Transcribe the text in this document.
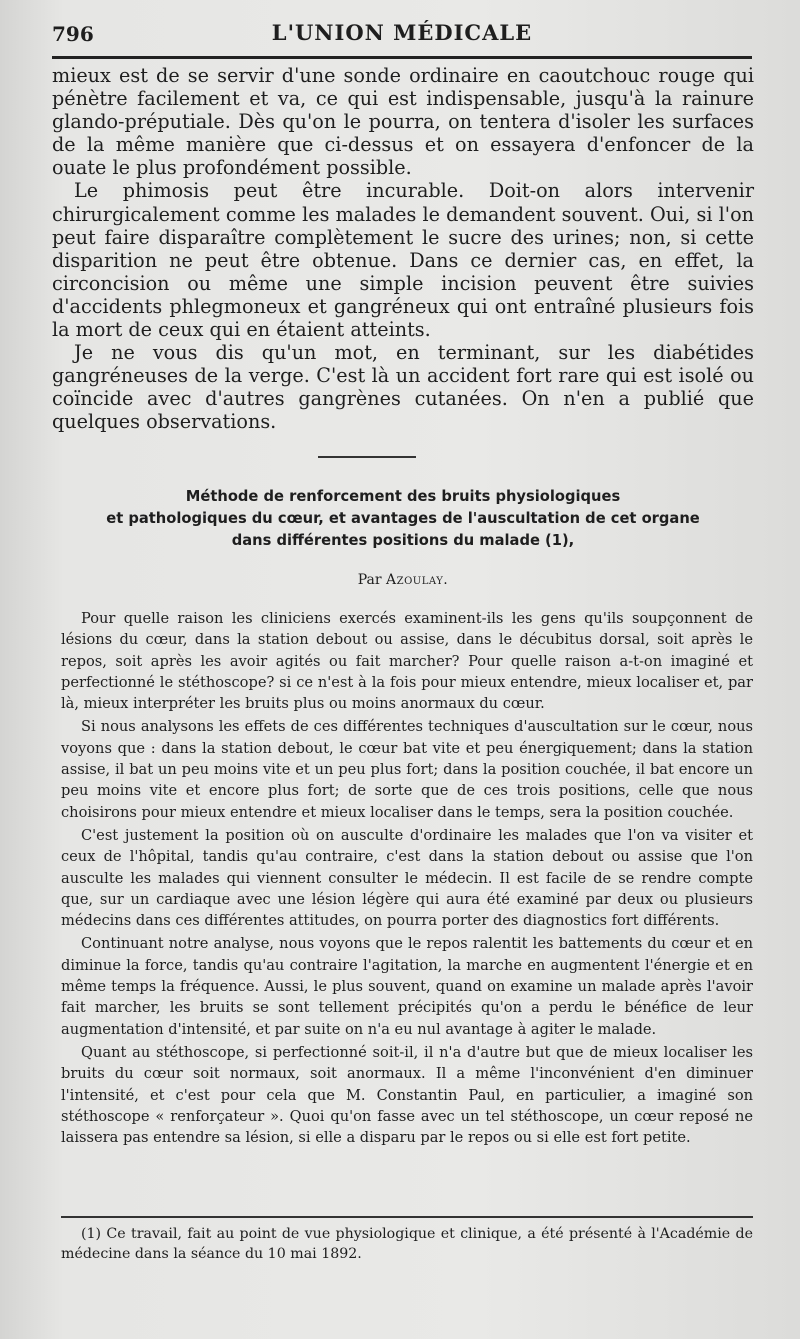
796	L'UNION MÉDICALE

mieux est de se servir d'une sonde ordinaire en caoutchouc rouge qui pénètre facilement et va, ce qui est indispensable, jusqu'à la rainure glando-préputiale. Dès qu'on le pourra, on tentera d'isoler les surfaces de la même manière que ci-dessus et on essayera d'enfoncer de la ouate le plus profondément possible.

Le phimosis peut être incurable. Doit-on alors intervenir chirurgicalement comme les malades le demandent souvent. Oui, si l'on peut faire disparaître complètement le sucre des urines; non, si cette disparition ne peut être obtenue. Dans ce dernier cas, en effet, la circoncision ou même une simple incision peuvent être suivies d'accidents phlegmoneux et gangréneux qui ont entraîné plusieurs fois la mort de ceux qui en étaient atteints.

Je ne vous dis qu'un mot, en terminant, sur les diabétides gangréneuses de la verge. C'est là un accident fort rare qui est isolé ou coïncide avec d'autres gangrènes cutanées. On n'en a publié que quelques observations.

Méthode de renforcement des bruits physiologiques
et pathologiques du cœur, et avantages de l'auscultation de cet organe
dans différentes positions du malade (1),
Par Azoulay.

Pour quelle raison les cliniciens exercés examinent-ils les gens qu'ils soupçonnent de lésions du cœur, dans la station debout ou assise, dans le décubitus dorsal, soit après le repos, soit après les avoir agités ou fait marcher? Pour quelle raison a-t-on imaginé et perfectionné le stéthoscope? si ce n'est à la fois pour mieux entendre, mieux localiser et, par là, mieux interpréter les bruits plus ou moins anormaux du cœur.

Si nous analysons les effets de ces différentes techniques d'auscultation sur le cœur, nous voyons que : dans la station debout, le cœur bat vite et peu énergiquement; dans la station assise, il bat un peu moins vite et un peu plus fort; dans la position couchée, il bat encore un peu moins vite et encore plus fort; de sorte que de ces trois positions, celle que nous choisirons pour mieux entendre et mieux localiser dans le temps, sera la position couchée.

C'est justement la position où on ausculte d'ordinaire les malades que l'on va visiter et ceux de l'hôpital, tandis qu'au contraire, c'est dans la station debout ou assise que l'on ausculte les malades qui viennent consulter le médecin. Il est facile de se rendre compte que, sur un cardiaque avec une lésion légère qui aura été examiné par deux ou plusieurs médecins dans ces différentes attitudes, on pourra porter des diagnostics fort différents.

Continuant notre analyse, nous voyons que le repos ralentit les battements du cœur et en diminue la force, tandis qu'au contraire l'agitation, la marche en augmentent l'énergie et en même temps la fréquence. Aussi, le plus souvent, quand on examine un malade après l'avoir fait marcher, les bruits se sont tellement précipités qu'on a perdu le bénéfice de leur augmentation d'intensité, et par suite on n'a eu nul avantage à agiter le malade.

Quant au stéthoscope, si perfectionné soit-il, il n'a d'autre but que de mieux localiser les bruits du cœur soit normaux, soit anormaux. Il a même l'inconvénient d'en diminuer l'intensité, et c'est pour cela que M. Constantin Paul, en particulier, a imaginé son stéthoscope « renforçateur ». Quoi qu'on fasse avec un tel stéthoscope, un cœur reposé ne laissera pas entendre sa lésion, si elle a disparu par le repos ou si elle est fort petite.

(1) Ce travail, fait au point de vue physiologique et clinique, a été présenté à l'Académie de médecine dans la séance du 10 mai 1892.
